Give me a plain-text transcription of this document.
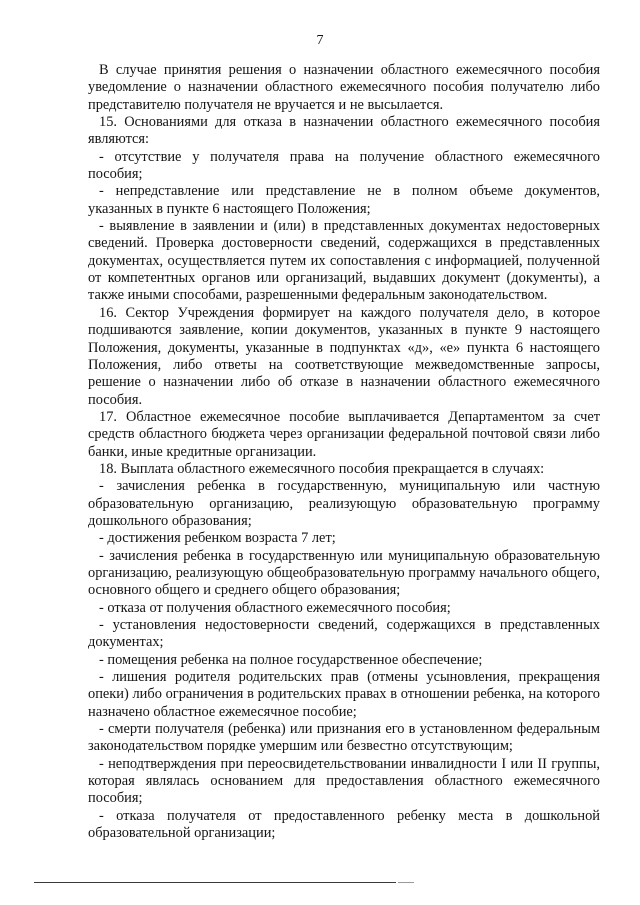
7

В случае принятия решения о назначении областного ежемесячного пособия уведомление о назначении областного ежемесячного пособия получателю либо представителю получателя не вручается и не высылается.

15. Основаниями для отказа в назначении областного ежемесячного пособия являются:

- отсутствие у получателя права на получение областного ежемесячного пособия;

- непредставление или представление не в полном объеме документов, указанных в пункте 6 настоящего Положения;

- выявление в заявлении и (или) в представленных документах недостоверных сведений. Проверка достоверности сведений, содержащихся в представленных документах, осуществляется путем их сопоставления с информацией, полученной от компетентных органов или организаций, выдавших документ (документы), а также иными способами, разрешенными федеральным законодательством.

16. Сектор Учреждения формирует на каждого получателя дело, в которое подшиваются заявление, копии документов, указанных в пункте 9 настоящего Положения, документы, указанные в подпунктах «д», «е» пункта 6 настоящего Положения, либо ответы на соответствующие межведомственные запросы, решение о назначении либо об отказе в назначении областного ежемесячного пособия.

17. Областное ежемесячное пособие выплачивается Департаментом за счет средств областного бюджета через организации федеральной почтовой связи либо банки, иные кредитные организации.

18. Выплата областного ежемесячного пособия прекращается в случаях:

- зачисления ребенка в государственную, муниципальную или частную образовательную организацию, реализующую образовательную программу дошкольного образования;

- достижения ребенком возраста 7 лет;

- зачисления ребенка в государственную или муниципальную образовательную организацию, реализующую общеобразовательную программу начального общего, основного общего и среднего общего образования;

- отказа от получения областного ежемесячного пособия;

- установления недостоверности сведений, содержащихся в представленных документах;

- помещения ребенка на полное государственное обеспечение;

- лишения родителя родительских прав (отмены усыновления, прекращения опеки) либо ограничения в родительских правах в отношении ребенка, на которого назначено областное ежемесячное пособие;

- смерти получателя (ребенка) или признания его в установленном федеральным законодательством порядке умершим или безвестно отсутствующим;

- неподтверждения при переосвидетельствовании инвалидности I или II группы, которая являлась основанием для предоставления областного ежемесячного пособия;

- отказа получателя от предоставленного ребенку места в дошкольной образовательной организации;
